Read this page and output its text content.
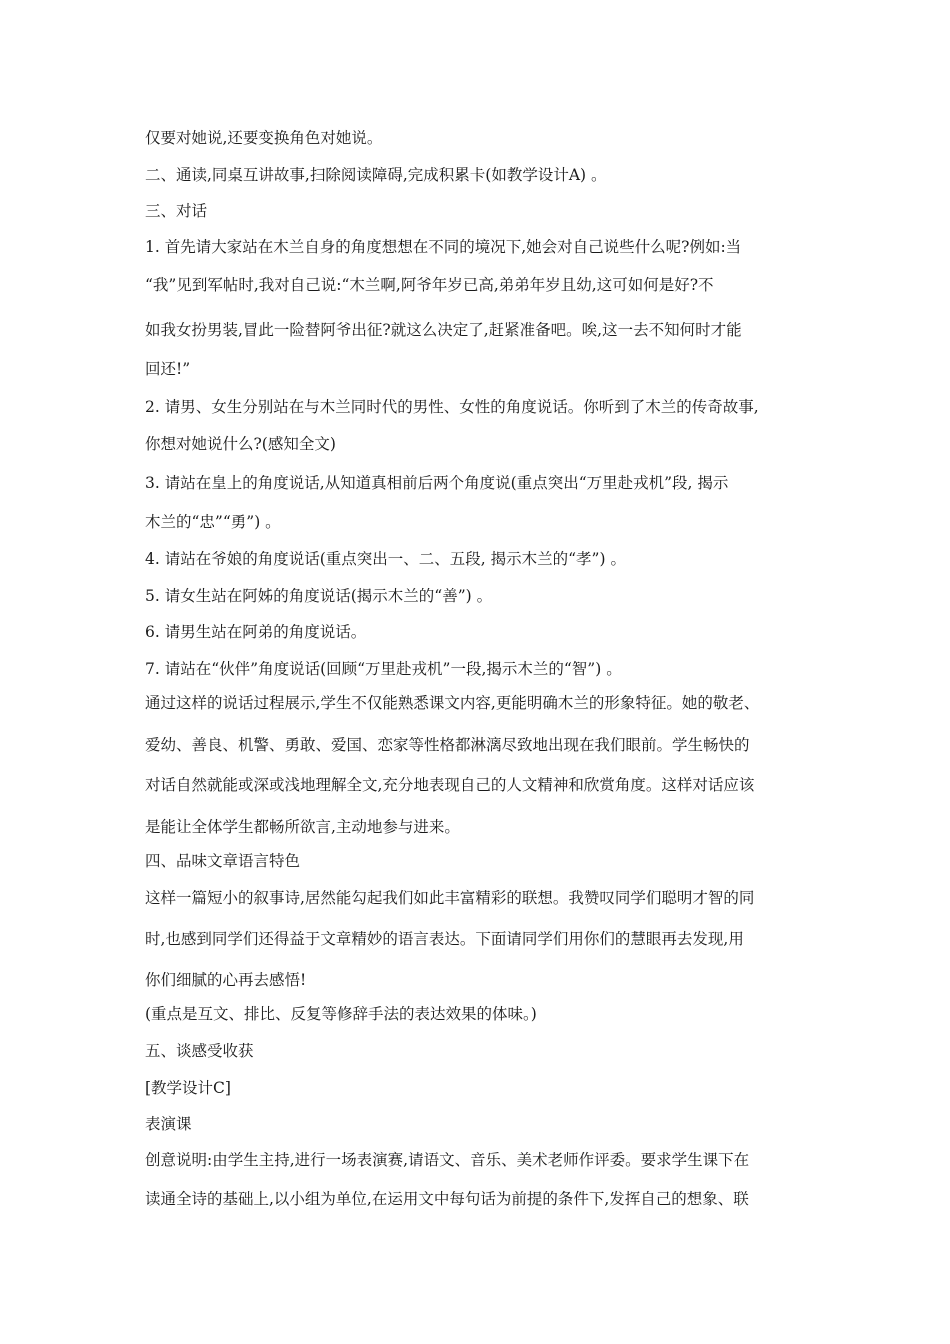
仅要对她说,还要变换角色对她说。
二、通读,同桌互讲故事,扫除阅读障碍,完成积累卡(如教学设计A) 。
三、对话
1. 首先请大家站在木兰自身的角度想想在不同的境况下,她会对自己说些什么呢?例如:当
“我”见到军帖时,我对自己说:“木兰啊,阿爷年岁已高,弟弟年岁且幼,这可如何是好?不
如我女扮男装,冒此一险替阿爷出征?就这么决定了,赶紧准备吧。唉,这一去不知何时才能
回还!”
2. 请男、女生分别站在与木兰同时代的男性、女性的角度说话。你听到了木兰的传奇故事,
你想对她说什么?(感知全文)
3. 请站在皇上的角度说话,从知道真相前后两个角度说(重点突出“万里赴戎机”段, 揭示
木兰的“忠”“勇”) 。
4. 请站在爷娘的角度说话(重点突出一、二、五段, 揭示木兰的“孝”) 。
5. 请女生站在阿姊的角度说话(揭示木兰的“善”) 。
6. 请男生站在阿弟的角度说话。
7. 请站在“伙伴”角度说话(回顾“万里赴戎机”一段,揭示木兰的“智”) 。
通过这样的说话过程展示,学生不仅能熟悉课文内容,更能明确木兰的形象特征。她的敬老、
爱幼、善良、机警、勇敢、爱国、恋家等性格都淋漓尽致地出现在我们眼前。学生畅快的
对话自然就能或深或浅地理解全文,充分地表现自己的人文精神和欣赏角度。这样对话应该
是能让全体学生都畅所欲言,主动地参与进来。
四、品味文章语言特色
这样一篇短小的叙事诗,居然能勾起我们如此丰富精彩的联想。我赞叹同学们聪明才智的同
时,也感到同学们还得益于文章精妙的语言表达。下面请同学们用你们的慧眼再去发现,用
你们细腻的心再去感悟!
(重点是互文、排比、反复等修辞手法的表达效果的体味。)
五、谈感受收获
[教学设计C]
表演课
创意说明:由学生主持,进行一场表演赛,请语文、音乐、美术老师作评委。要求学生课下在
读通全诗的基础上,以小组为单位,在运用文中每句话为前提的条件下,发挥自己的想象、联
